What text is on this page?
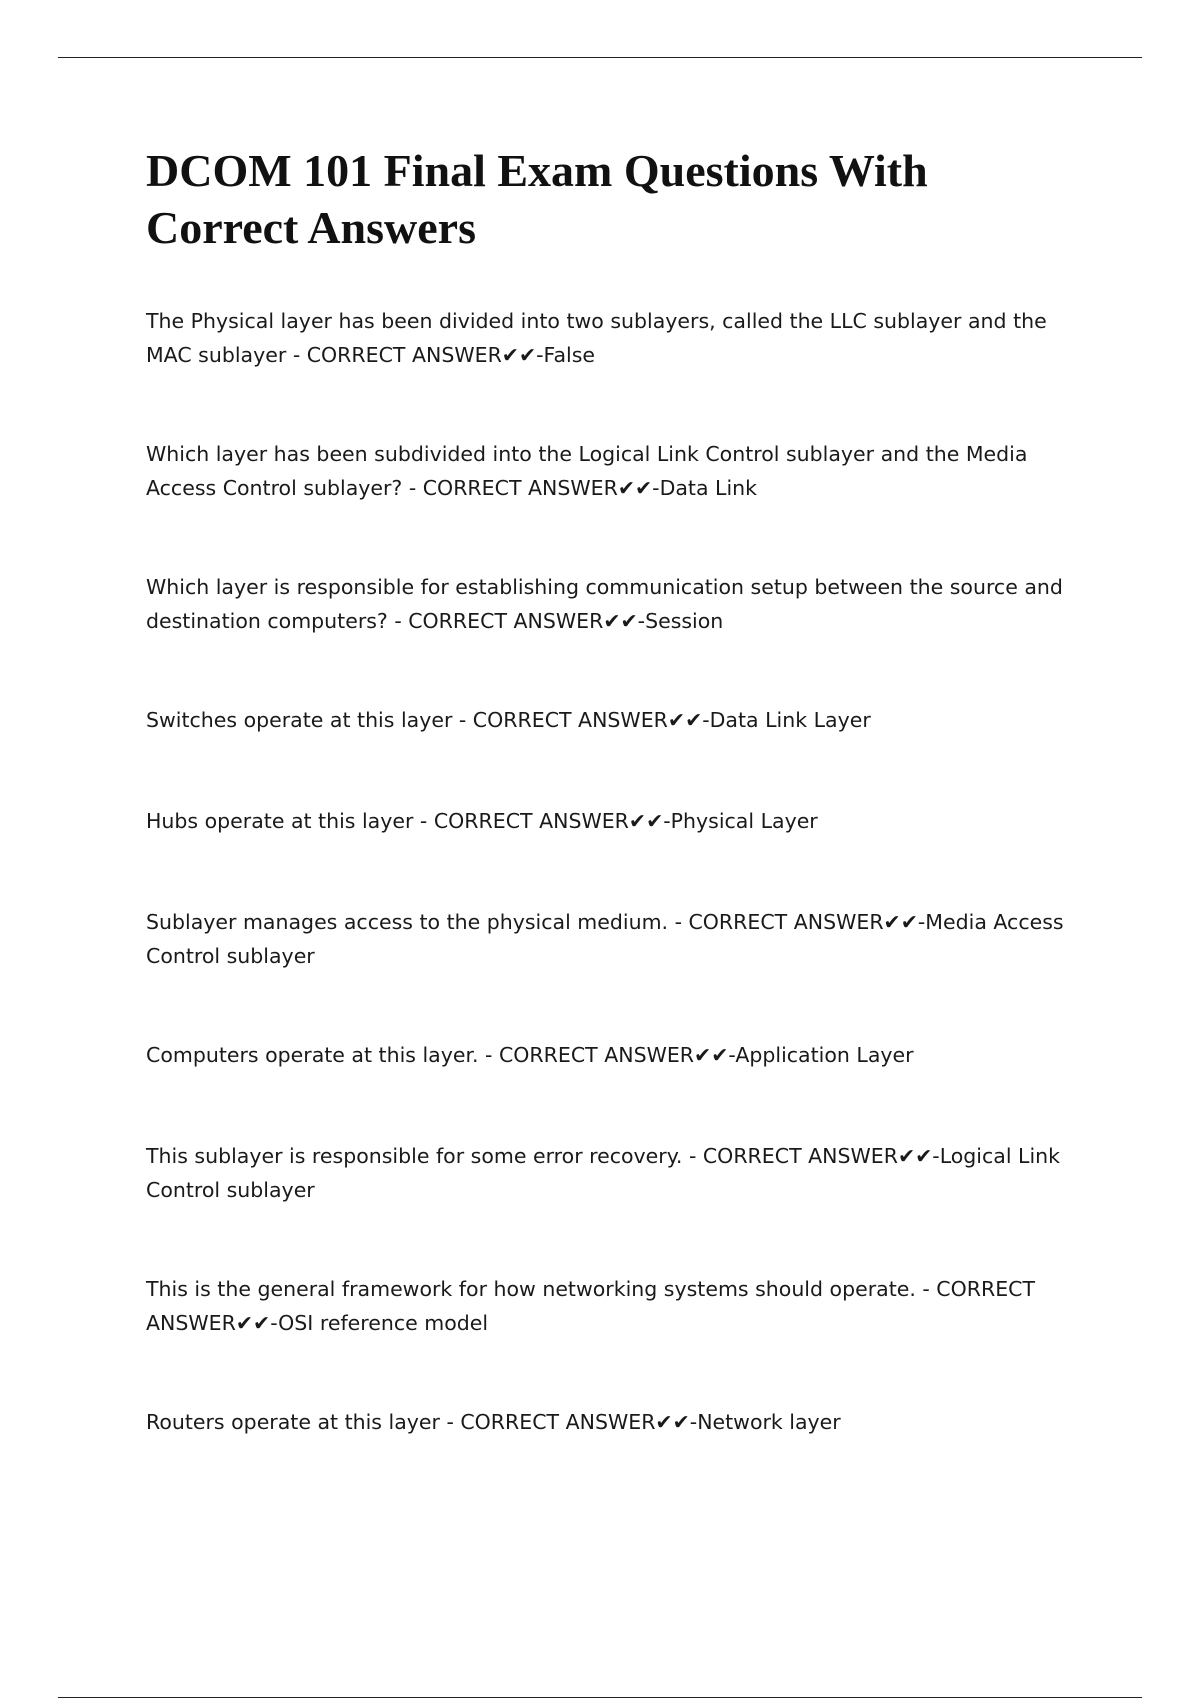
DCOM 101 Final Exam Questions With Correct Answers

The Physical layer has been divided into two sublayers, called the LLC sublayer and the MAC sublayer - CORRECT ANSWER✔✔-False

Which layer has been subdivided into the Logical Link Control sublayer and the Media Access Control sublayer? - CORRECT ANSWER✔✔-Data Link

Which layer is responsible for establishing communication setup between the source and destination computers? - CORRECT ANSWER✔✔-Session

Switches operate at this layer - CORRECT ANSWER✔✔-Data Link Layer

Hubs operate at this layer - CORRECT ANSWER✔✔-Physical Layer

Sublayer manages access to the physical medium. - CORRECT ANSWER✔✔-Media Access Control sublayer

Computers operate at this layer. - CORRECT ANSWER✔✔-Application Layer

This sublayer is responsible for some error recovery. - CORRECT ANSWER✔✔-Logical Link Control sublayer

This is the general framework for how networking systems should operate. - CORRECT ANSWER✔✔-OSI reference model

Routers operate at this layer - CORRECT ANSWER✔✔-Network layer
